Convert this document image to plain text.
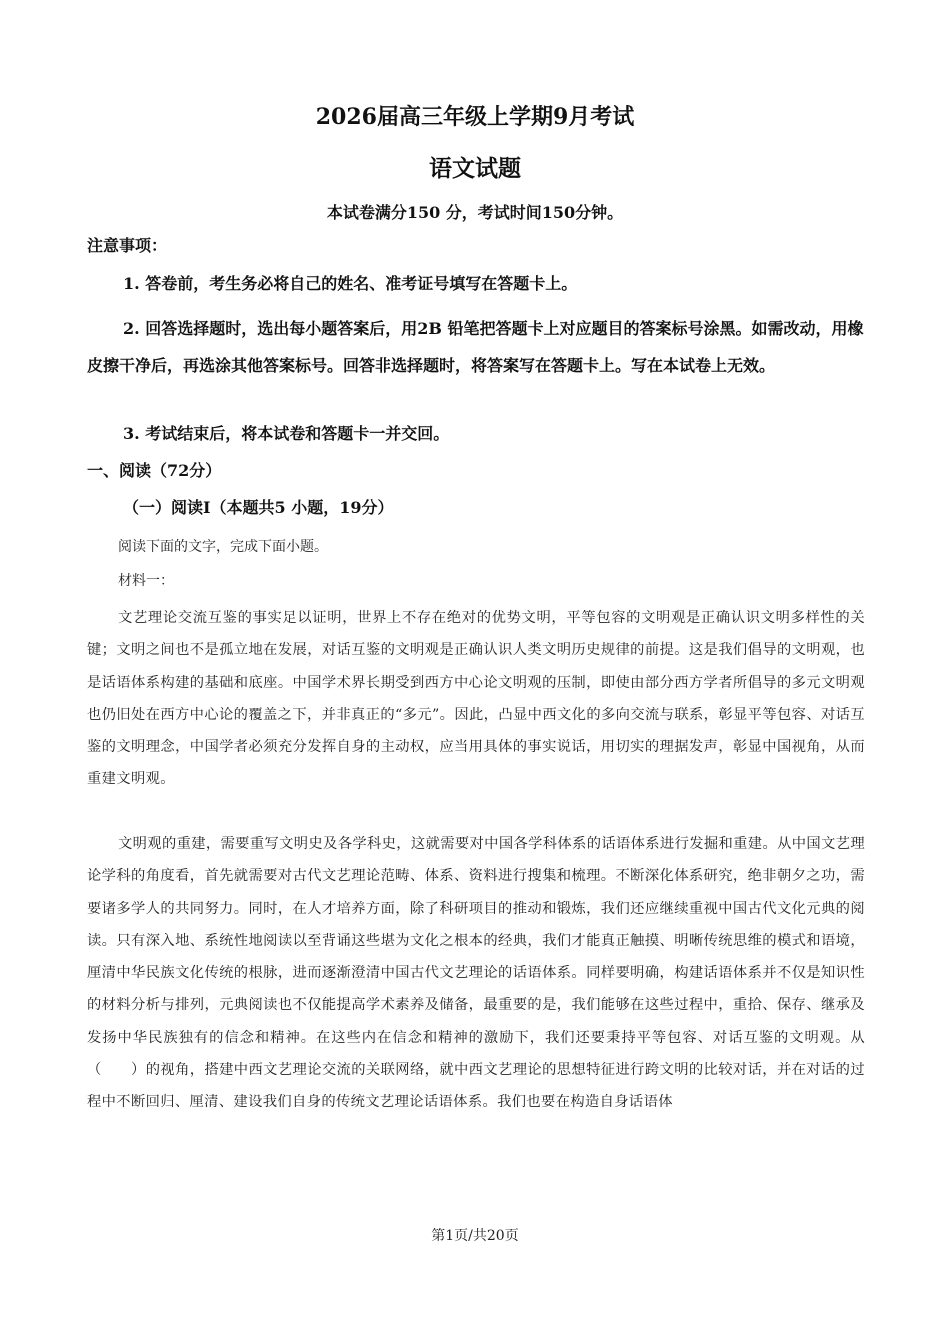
2026届高三年级上学期9月考试
语文试题
本试卷满分150 分，考试时间150分钟。
注意事项：
1. 答卷前，考生务必将自己的姓名、准考证号填写在答题卡上。
2. 回答选择题时，选出每小题答案后，用2B 铅笔把答题卡上对应题目的答案标号涂黑。如需改动，用橡皮擦干净后，再选涂其他答案标号。回答非选择题时，将答案写在答题卡上。写在本试卷上无效。
3. 考试结束后，将本试卷和答题卡一并交回。
一、阅读（72分）
（一）阅读Ⅰ（本题共5 小题，19分）
阅读下面的文字，完成下面小题。
材料一：
文艺理论交流互鉴的事实足以证明，世界上不存在绝对的优势文明，平等包容的文明观是正确认识文明多样性的关键；文明之间也不是孤立地在发展，对话互鉴的文明观是正确认识人类文明历史规律的前提。这是我们倡导的文明观，也是话语体系构建的基础和底座。中国学术界长期受到西方中心论文明观的压制，即使由部分西方学者所倡导的多元文明观也仍旧处在西方中心论的覆盖之下，并非真正的“多元”。因此，凸显中西文化的多向交流与联系，彰显平等包容、对话互鉴的文明理念，中国学者必须充分发挥自身的主动权，应当用具体的事实说话，用切实的理据发声，彰显中国视角，从而重建文明观。
文明观的重建，需要重写文明史及各学科史，这就需要对中国各学科体系的话语体系进行发掘和重建。从中国文艺理论学科的角度看，首先就需要对古代文艺理论范畴、体系、资料进行搜集和梳理。不断深化体系研究，绝非朝夕之功，需要诸多学人的共同努力。同时，在人才培养方面，除了科研项目的推动和锻炼，我们还应继续重视中国古代文化元典的阅读。只有深入地、系统性地阅读以至背诵这些堪为文化之根本的经典，我们才能真正触摸、明晰传统思维的模式和语境，厘清中华民族文化传统的根脉，进而逐渐澄清中国古代文艺理论的话语体系。同样要明确，构建话语体系并不仅是知识性的材料分析与排列，元典阅读也不仅能提高学术素养及储备，最重要的是，我们能够在这些过程中，重拾、保存、继承及发扬中华民族独有的信念和精神。在这些内在信念和精神的激励下，我们还要秉持平等包容、对话互鉴的文明观。从（　　）的视角，搭建中西文艺理论交流的关联网络，就中西文艺理论的思想特征进行跨文明的比较对话，并在对话的过程中不断回归、厘清、建设我们自身的传统文艺理论话语体系。我们也要在构造自身话语体
第1页/共20页
